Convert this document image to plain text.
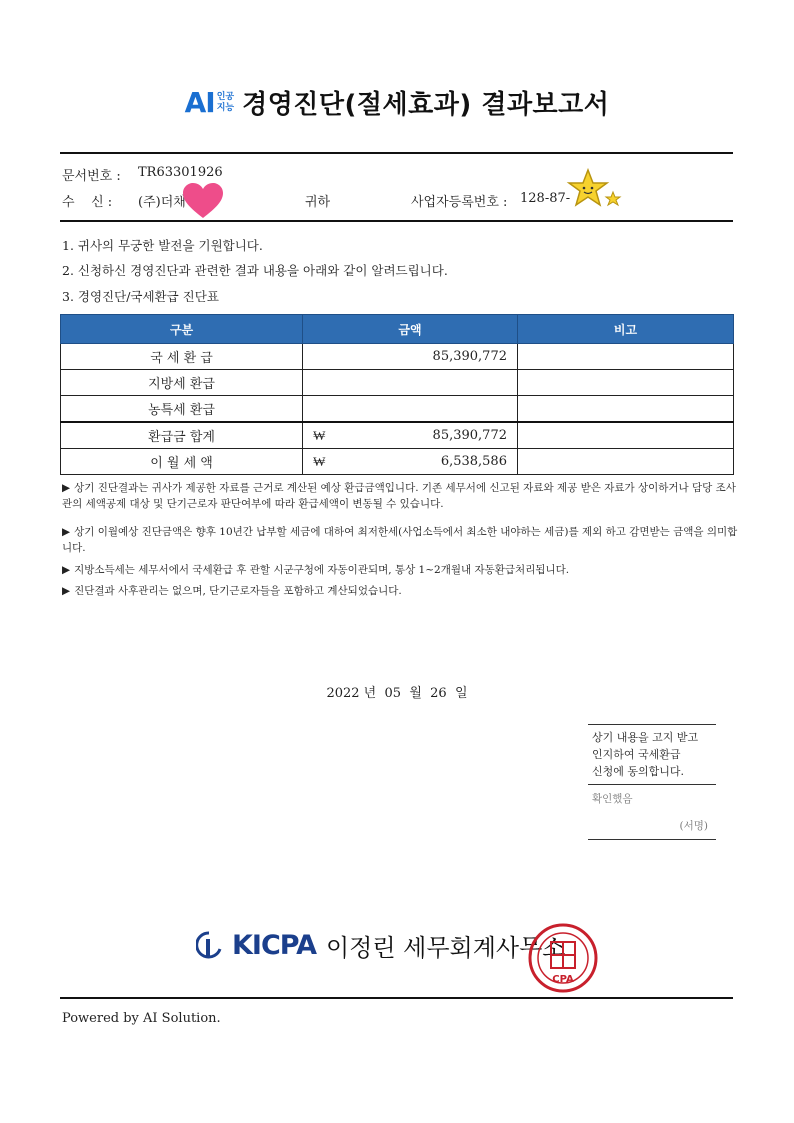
AI 인공
지능 경영진단(절세효과) 결과보고서
문서번호 : TR63301926
수    신 : (주)더채	귀하	사업자등록번호 : 128-87-
1. 귀사의 무궁한 발전을 기원합니다.
2. 신청하신 경영진단과 관련한 결과 내용을 아래와 같이 알려드립니다.
3. 경영진단/국세환급 진단표
구분	금액	비고
국 세 환 급	85,390,772	
지방세 환급	

농특세 환급	

환급금 합계	₩ 85,390,772	
이 월 세 액	₩ 6,538,586	
▶ 상기 진단결과는 귀사가 제공한 자료를 근거로 계산된 예상 환급금액입니다. 기존 세무서에 신고된 자료와 제공 받은 자료가 상이하거나 담당 조사관의 세액공제 대상 및 단기근로자 판단여부에 따라 환급세액이 변동될 수 있습니다.
▶ 상기 이월예상 진단금액은 향후 10년간 납부할 세금에 대하여 최저한세(사업소득에서 최소한 내야하는 세금)를 제외 하고 감면받는 금액을 의미합니다.
▶ 지방소득세는 세무서에서 국세환급 후 관할 시군구청에 자동이관되며, 통상 1~2개월내 자동환급처리됩니다.
▶ 진단결과 사후관리는 없으며, 단기근로자들을 포함하고 계산되었습니다.
2022 년  05  월  26  일
상기 내용을 고지 받고
인지하여 국세환급
신청에 동의합니다.
확인했음
(서명)
KICPA 이정린 세무회계사무소
CPA
Powered by AI Solution.
